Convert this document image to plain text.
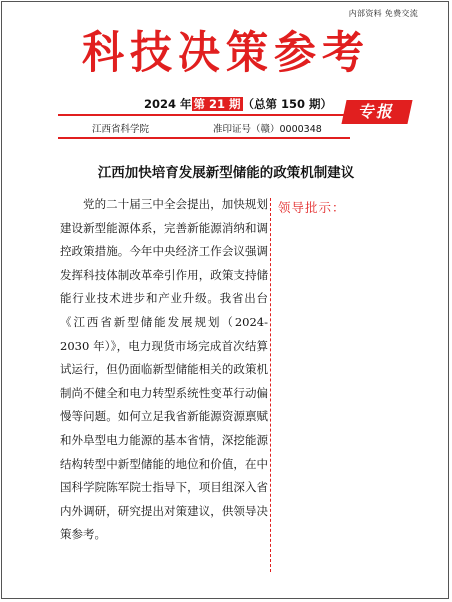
内部资料 免费交流
科技决策参考
2024 年 第 21 期 （总第 150 期）	专报
江西省科学院	准印证号（赣）0000348
江西加快培育发展新型储能的政策机制建议

党的二十届三中全会提出，加快规划建设新型能源体系，完善新能源消纳和调控政策措施。今年中央经济工作会议强调发挥科技体制改革牵引作用，政策支持储能行业技术进步和产业升级。我省出台《江西省新型储能发展规划（2024-2030 年）》，电力现货市场完成首次结算试运行，但仍面临新型储能相关的政策机制尚不健全和电力转型系统性变革行动偏慢等问题。如何立足我省新能源资源禀赋和外阜型电力能源的基本省情，深挖能源结构转型中新型储能的地位和价值，在中国科学院陈军院士指导下，项目组深入省内外调研，研究提出对策建议，供领导决策参考。

领导批示：
